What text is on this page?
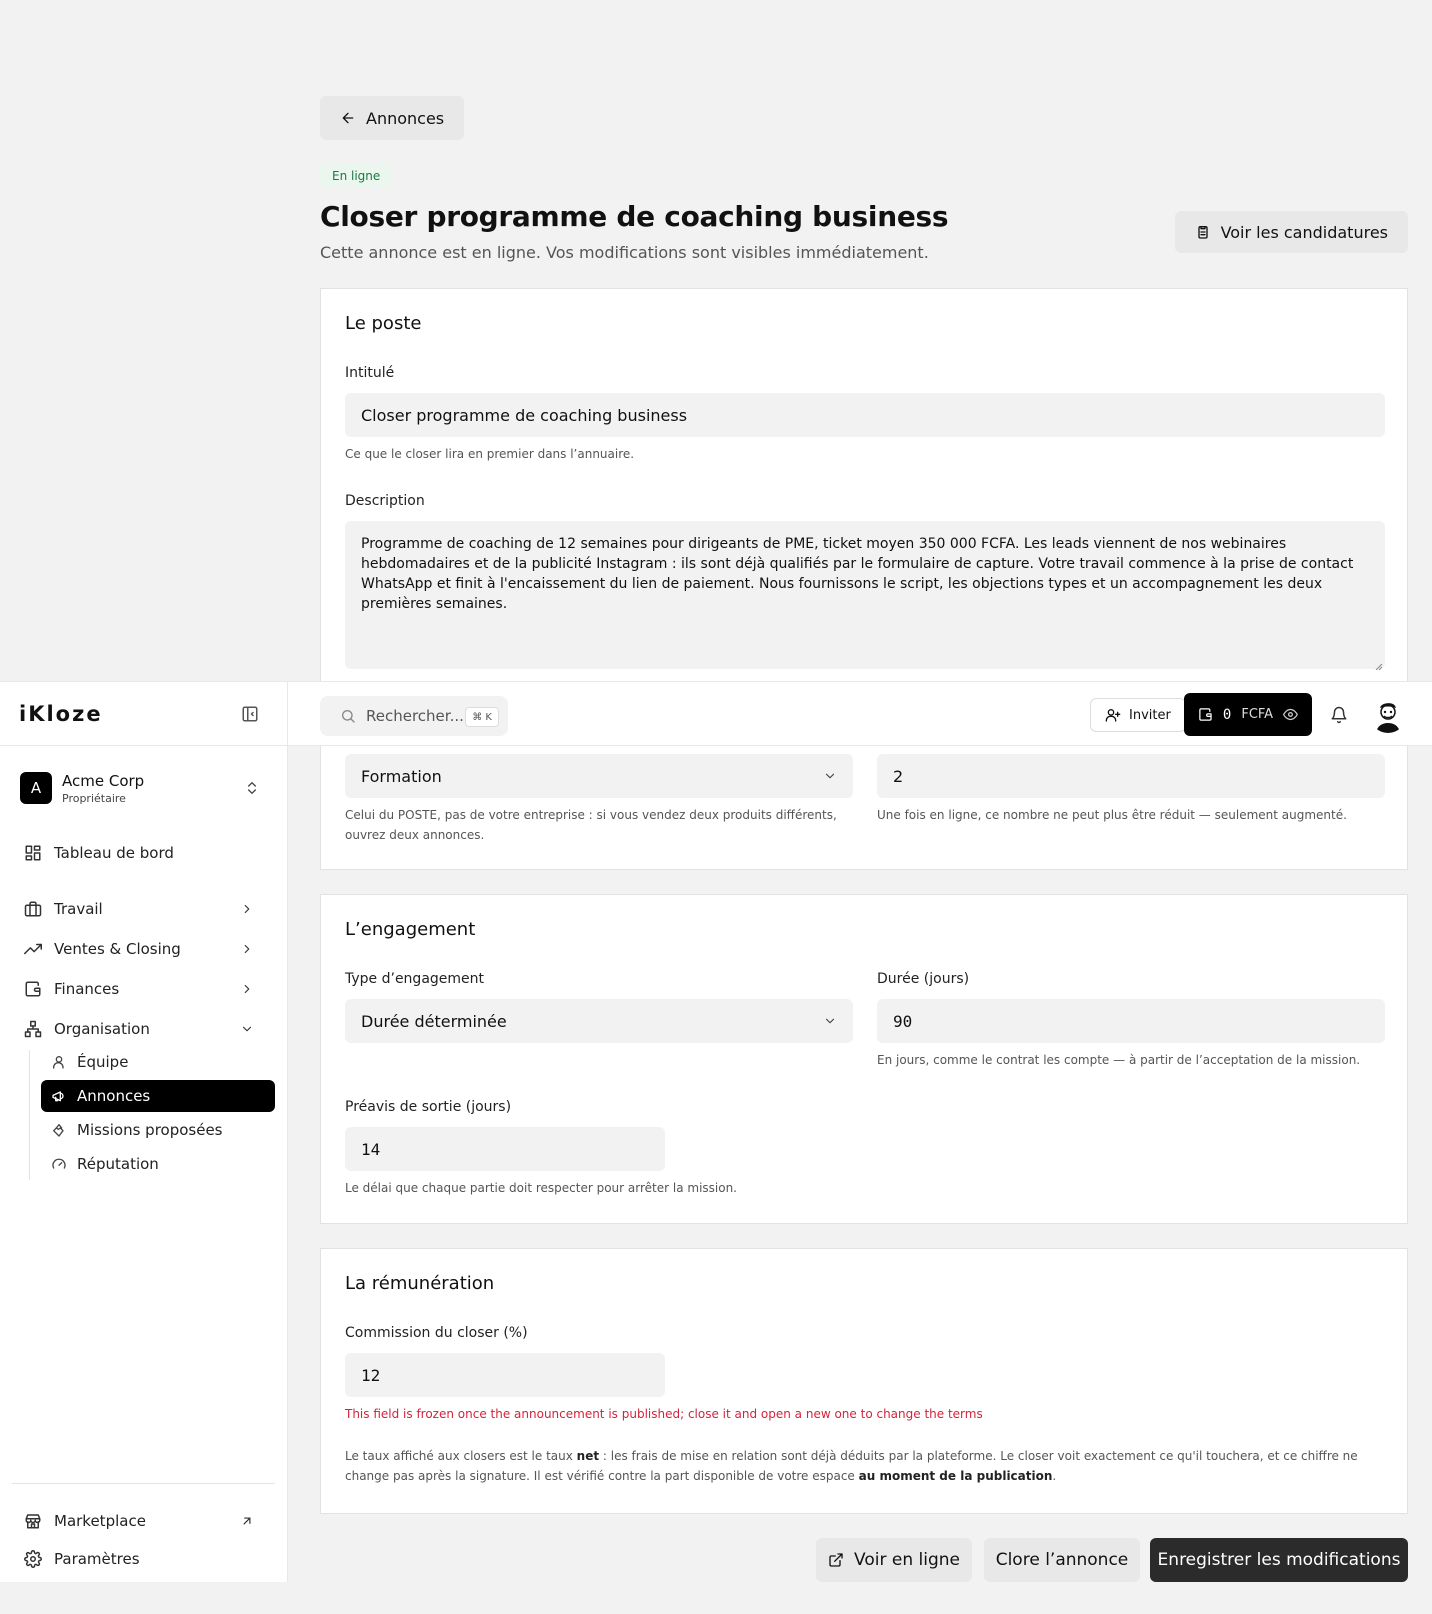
Annonces
En ligne
Closer programme de coaching business
Cette annonce est en ligne. Vos modifications sont visibles immédiatement.
Voir les candidatures
Le poste
Intitulé
Closer programme de coaching business
Ce que le closer lira en premier dans l’annuaire.
Description
Programme de coaching de 12 semaines pour dirigeants de PME, ticket moyen 350 000 FCFA. Les leads viennent de nos webinaires hebdomadaires et de la publicité Instagram : ils sont déjà qualifiés par le formulaire de capture. Votre travail commence à la prise de contact WhatsApp et finit à l'encaissement du lien de paiement. Nous fournissons le script, les objections types et un accompagnement les deux premières semaines.
Formation
Celui du POSTE, pas de votre entreprise : si vous vendez deux produits différents, ouvrez deux annonces.
2
Une fois en ligne, ce nombre ne peut plus être réduit — seulement augmenté.
L’engagement
Type d’engagement
Durée déterminée
Durée (jours)
90
En jours, comme le contrat les compte — à partir de l’acceptation de la mission.
Préavis de sortie (jours)
14
Le délai que chaque partie doit respecter pour arrêter la mission.
La rémunération
Commission du closer (%)
12
This field is frozen once the announcement is published; close it and open a new one to change the terms
Le taux affiché aux closers est le taux net : les frais de mise en relation sont déjà déduits par la plateforme. Le closer voit exactement ce qu'il touchera, et ce chiffre ne change pas après la signature. Il est vérifié contre la part disponible de votre espace au moment de la publication.
Voir en ligne	Clore l’annonce	Enregistrer les modifications
iKloze	Rechercher... ⌘ K	Inviter	0 FCFA
A	Acme Corp
Propriétaire
Tableau de bord
Travail
Ventes & Closing
Finances
Organisation
Équipe
Annonces
Missions proposées
Réputation
Marketplace
Paramètres
